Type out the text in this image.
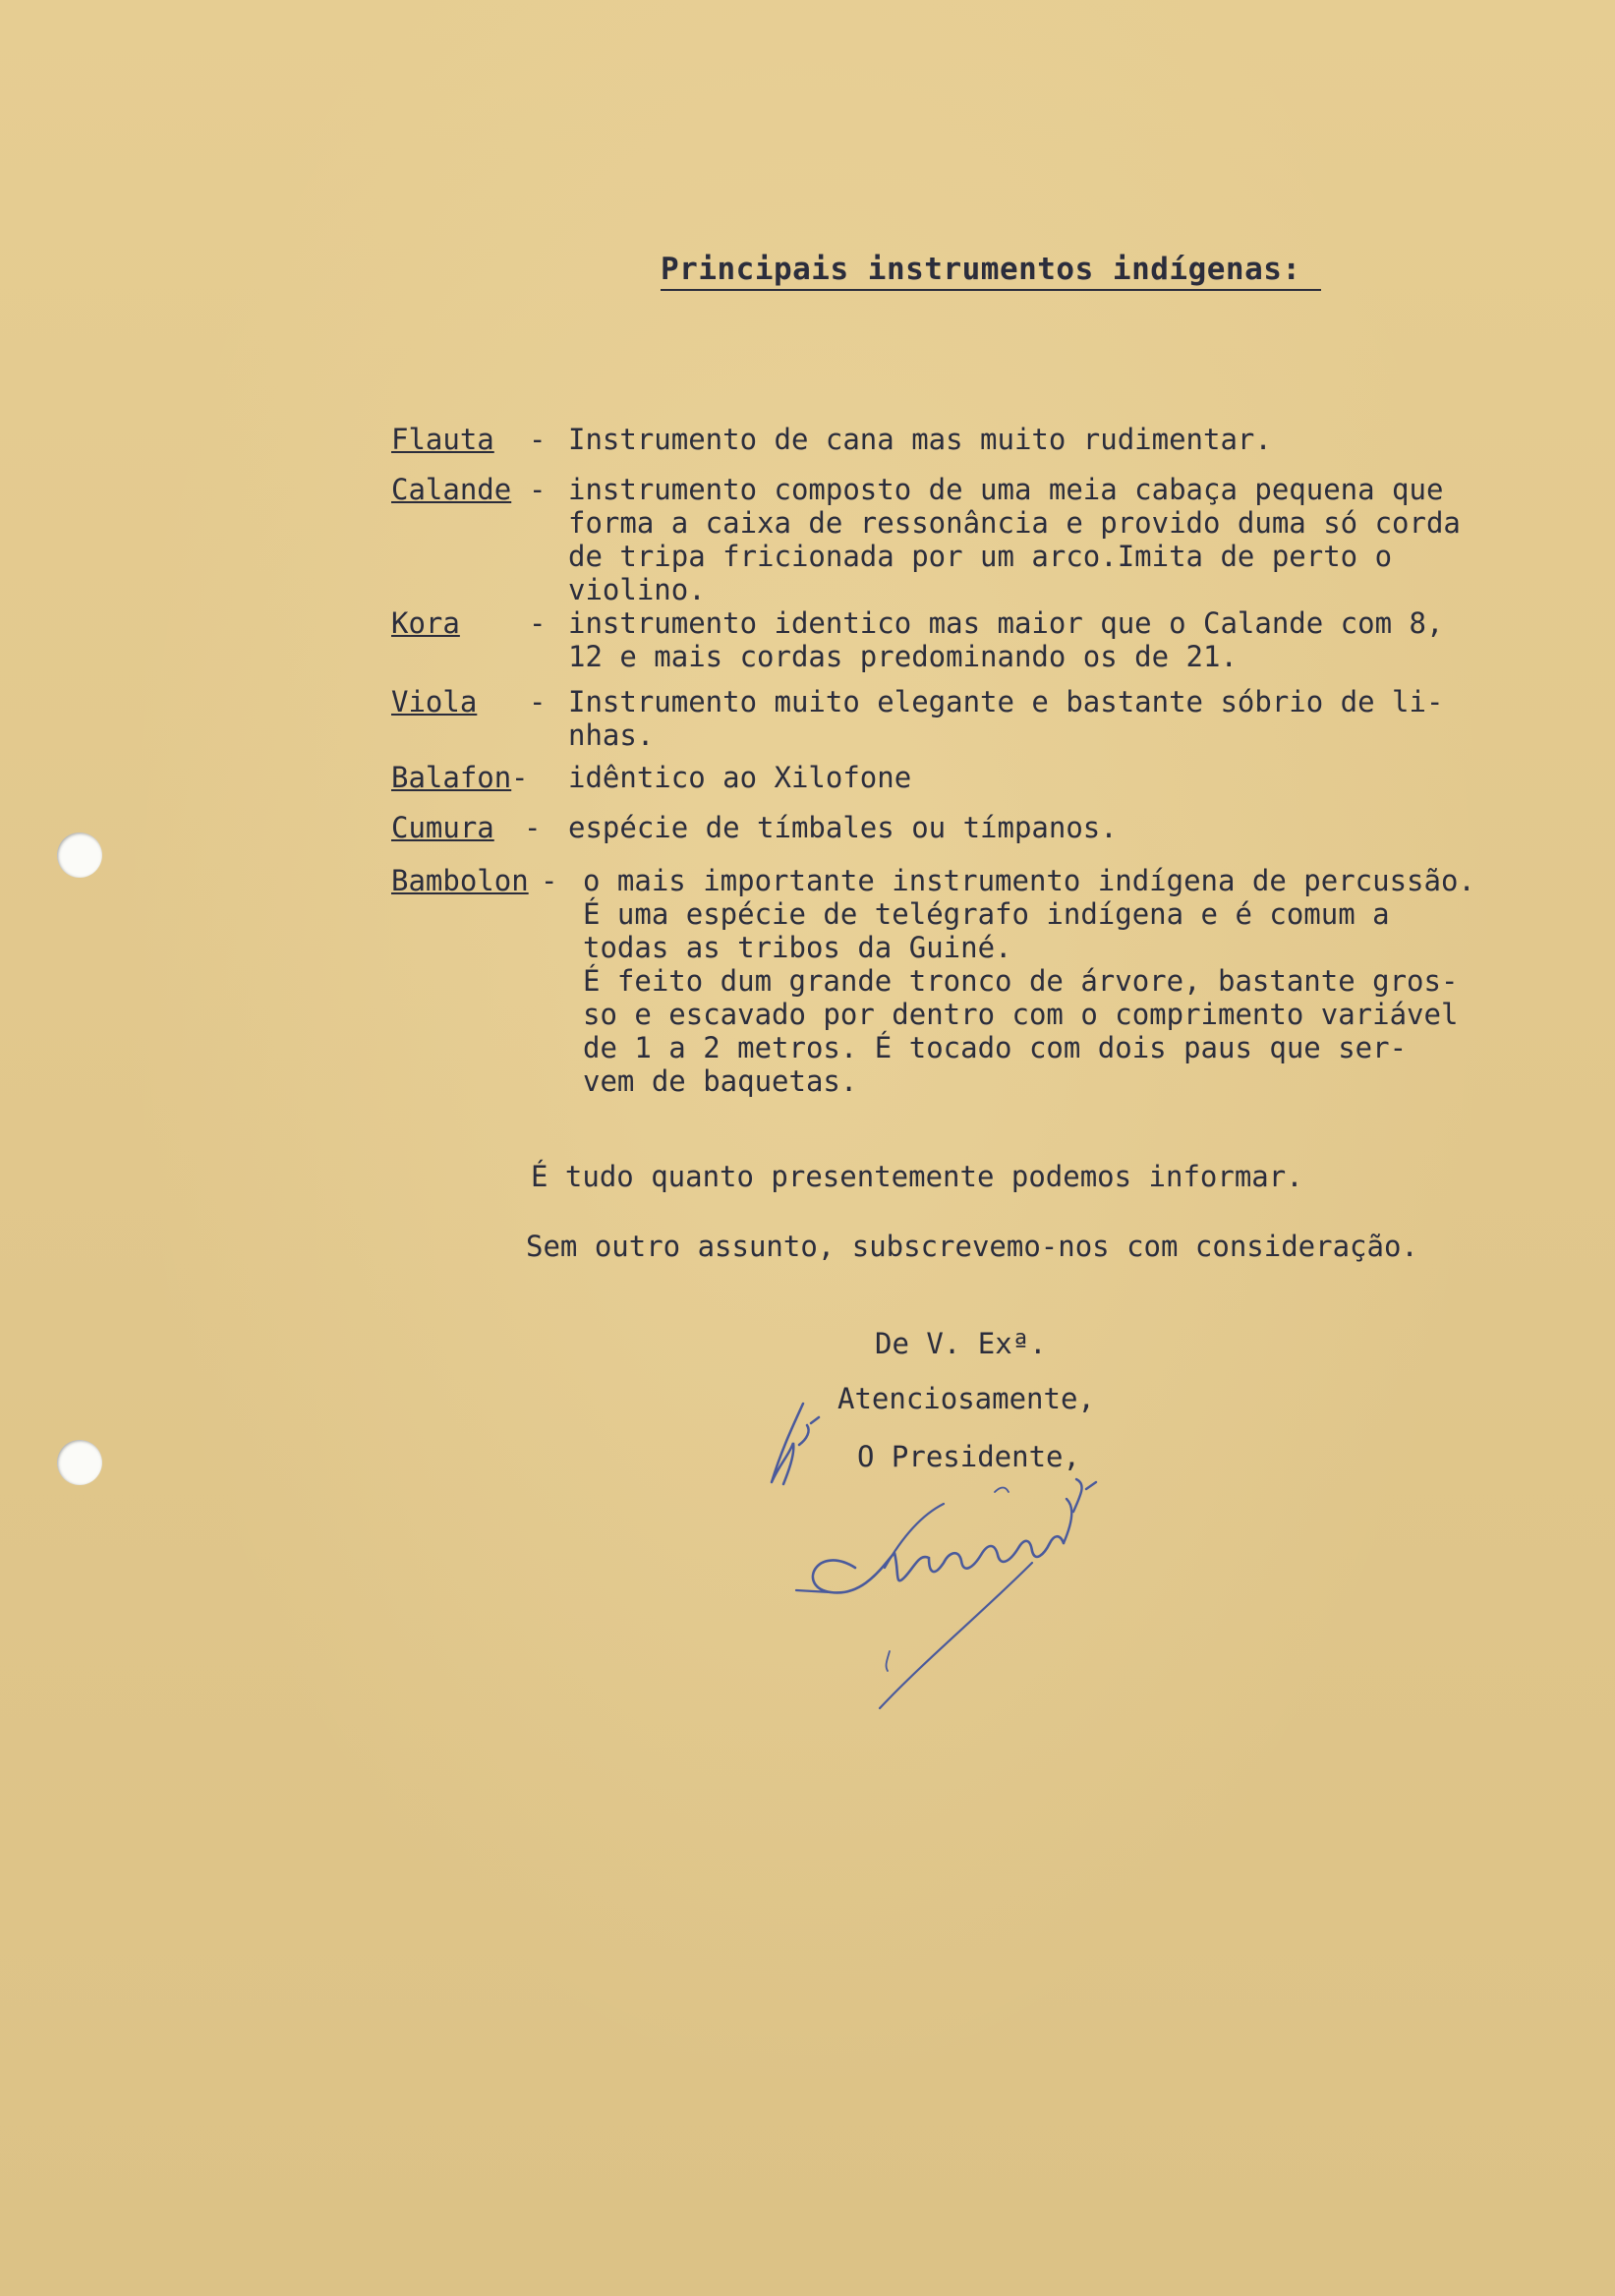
Principais instrumentos indígenas:
Flauta - Instrumento de cana mas muito rudimentar.
Calande - instrumento composto de uma meia cabaça pequena que
forma a caixa de ressonância e provido duma só corda
de tripa fricionada por um arco.Imita de perto o
violino.
Kora - instrumento identico mas maior que o Calande com 8,
12 e mais cordas predominando os de 21.
Viola - Instrumento muito elegante e bastante sóbrio de li-
nhas.
Balafon - idêntico ao Xilofone
Cumura - espécie de tímbales ou tímpanos.
Bambolon - o mais importante instrumento indígena de percussão.
É uma espécie de telégrafo indígena e é comum a
todas as tribos da Guiné.
É feito dum grande tronco de árvore, bastante gros-
so e escavado por dentro com o comprimento variável
de 1 a 2 metros. É tocado com dois paus que ser-
vem de baquetas.

É tudo quanto presentemente podemos informar.

Sem outro assunto, subscrevemo-nos com consideração.

De V. Exª.
Atenciosamente,
O Presidente,
